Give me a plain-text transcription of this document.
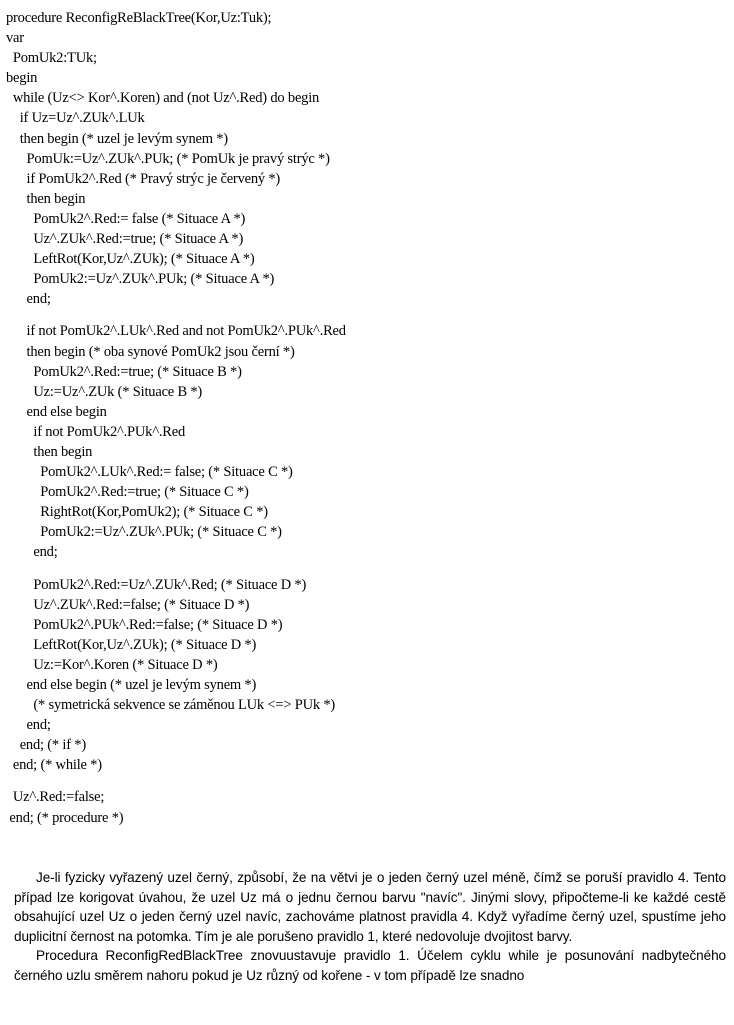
procedure ReconfigReBlackTree(Kor,Uz:Tuk);
var
PomUk2:TUk;
begin
while (Uz<> Kor^.Koren) and (not Uz^.Red) do begin
if Uz=Uz^.ZUk^.LUk
then begin (* uzel je levým synem *)
PomUk:=Uz^.ZUk^.PUk; (* PomUk je pravý strýc *)
if PomUk2^.Red (* Pravý strýc je červený *)
then begin
PomUk2^.Red:= false (* Situace A *)
Uz^.ZUk^.Red:=true; (* Situace A *)
LeftRot(Kor,Uz^.ZUk); (* Situace A *)
PomUk2:=Uz^.ZUk^.PUk; (* Situace A *)
end;
if not PomUk2^.LUk^.Red and not PomUk2^.PUk^.Red
then begin (* oba synové PomUk2 jsou černí *)
PomUk2^.Red:=true; (* Situace B *)
Uz:=Uz^.ZUk (* Situace B *)
end else begin
if not PomUk2^.PUk^.Red
then begin
PomUk2^.LUk^.Red:= false; (* Situace C *)
PomUk2^.Red:=true; (* Situace C *)
RightRot(Kor,PomUk2); (* Situace C *)
PomUk2:=Uz^.ZUk^.PUk; (* Situace C *)
end;
PomUk2^.Red:=Uz^.ZUk^.Red; (* Situace D *)
Uz^.ZUk^.Red:=false; (* Situace D *)
PomUk2^.PUk^.Red:=false; (* Situace D *)
LeftRot(Kor,Uz^.ZUk); (* Situace D *)
Uz:=Kor^.Koren (* Situace D *)
end else begin (* uzel je levým synem *)
(* symetrická sekvence se záměnou LUk <=> PUk *)
end;
end; (* if *)
end; (* while *)
Uz^.Red:=false;
end; (* procedure *)

Je-li fyzicky vyřazený uzel černý, způsobí, že na větvi je o jeden černý uzel méně, čímž se poruší pravidlo 4. Tento případ lze korigovat úvahou, že uzel Uz má o jednu černou barvu "navíc". Jinými slovy, připočteme-li ke každé cestě obsahující uzel Uz o jeden černý uzel navíc, zachováme platnost pravidla 4. Když vyřadíme černý uzel, spustíme jeho duplicitní černost na potomka. Tím je ale porušeno pravidlo 1, které nedovoluje dvojitost barvy.

Procedura ReconfigRedBlackTree znovuustavuje pravidlo 1. Účelem cyklu while je posunování nadbytečného černého uzlu směrem nahoru pokud je Uz různý od kořene - v tom případě lze snadno
